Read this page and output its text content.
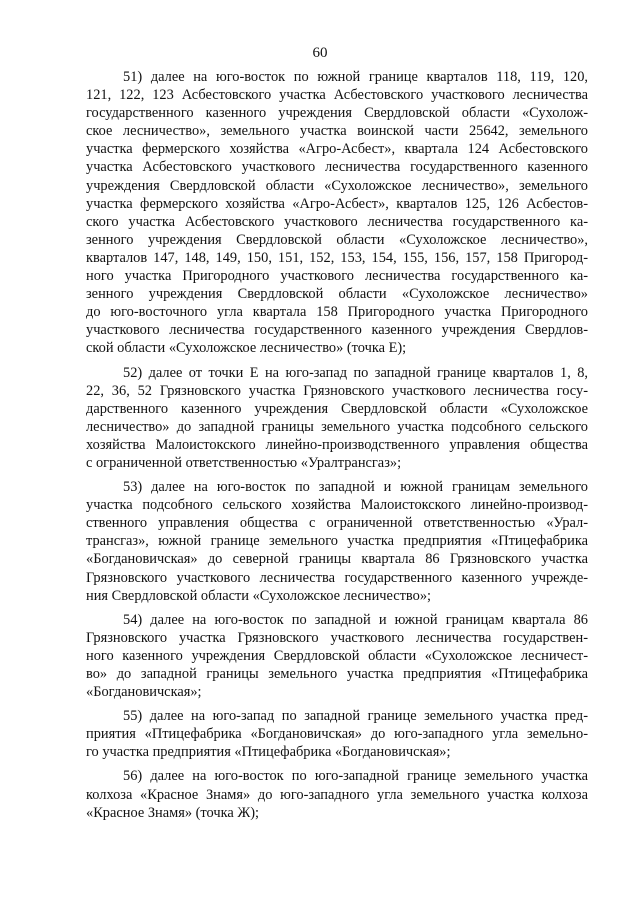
60

51) далее на юго-восток по южной границе кварталов 118, 119, 120,
121, 122, 123 Асбестовского участка Асбестовского участкового лесничества
государственного казенного учреждения Свердловской области «Сухолож-
ское лесничество», земельного участка воинской части 25642, земельного
участка фермерского хозяйства «Агро-Асбест», квартала 124 Асбестовского
участка Асбестовского участкового лесничества государственного казенного
учреждения Свердловской области «Сухоложское лесничество», земельного
участка фермерского хозяйства «Агро-Асбест», кварталов 125, 126 Асбестов-
ского участка Асбестовского участкового лесничества государственного ка-
зенного учреждения Свердловской области «Сухоложское лесничество»,
кварталов 147, 148, 149, 150, 151, 152, 153, 154, 155, 156, 157, 158 Пригород-
ного участка Пригородного участкового лесничества государственного ка-
зенного учреждения Свердловской области «Сухоложское лесничество»
до юго-восточного угла квартала 158 Пригородного участка Пригородного
участкового лесничества государственного казенного учреждения Свердлов-
ской области «Сухоложское лесничество» (точка Е);

52) далее от точки Е на юго-запад по западной границе кварталов 1, 8,
22, 36, 52 Грязновского участка Грязновского участкового лесничества госу-
дарственного казенного учреждения Свердловской области «Сухоложское
лесничество» до западной границы земельного участка подсобного сельского
хозяйства Малоистокского линейно-производственного управления общества
с ограниченной ответственностью «Уралтрансгаз»;

53) далее на юго-восток по западной и южной границам земельного
участка подсобного сельского хозяйства Малоистокского линейно-производ-
ственного управления общества с ограниченной ответственностью «Урал-
трансгаз», южной границе земельного участка предприятия «Птицефабрика
«Богдановичская» до северной границы квартала 86 Грязновского участка
Грязновского участкового лесничества государственного казенного учрежде-
ния Свердловской области «Сухоложское лесничество»;

54) далее на юго-восток по западной и южной границам квартала 86
Грязновского участка Грязновского участкового лесничества государствен-
ного казенного учреждения Свердловской области «Сухоложское лесничест-
во» до западной границы земельного участка предприятия «Птицефабрика
«Богдановичская»;

55) далее на юго-запад по западной границе земельного участка пред-
приятия «Птицефабрика «Богдановичская» до юго-западного угла земельно-
го участка предприятия «Птицефабрика «Богдановичская»;

56) далее на юго-восток по юго-западной границе земельного участка
колхоза «Красное Знамя» до юго-западного угла земельного участка колхоза
«Красное Знамя» (точка Ж);
